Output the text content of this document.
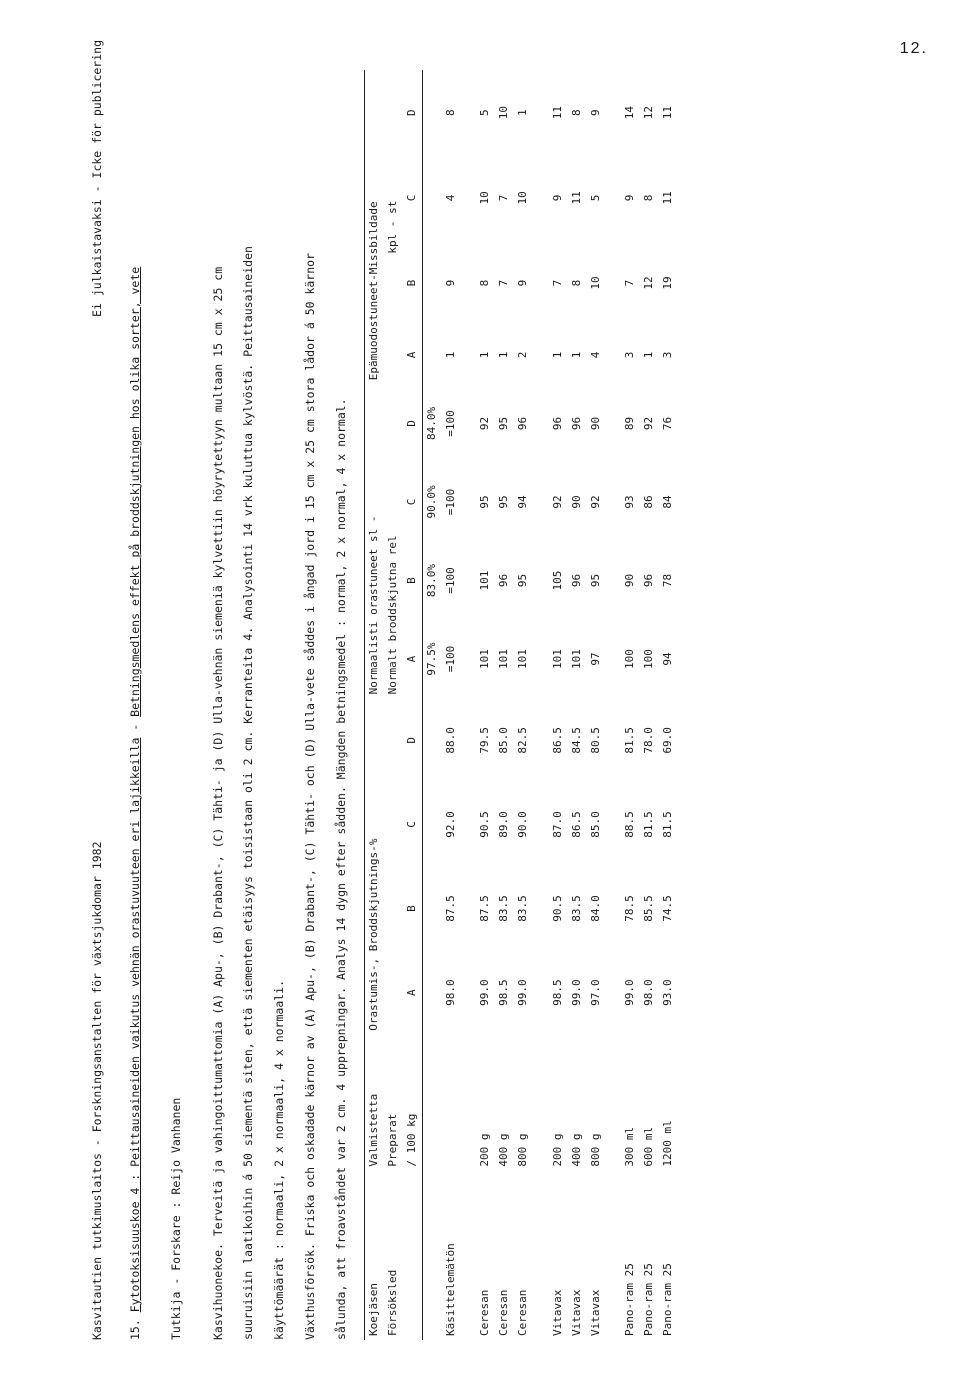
12.
Kasvitautien tutkimuslaitos - Forskningsanstalten för växtsjukdomar 1982
Ei julkaistavaksi - Icke för publicering
15. Fytotoksisuuskoe 4 : Peittausaineiden vaikutus vehnän orastuvuuteen eri lajikkeilla - Betningsmedlens effekt på broddskjutningen hos olika sorter, vete
Tutkija - Forskare : Reijo Vanhanen Kasvihuonekoe. Terveitä ja vahingoittumattomia (A) Apu-, (B) Drabant-, (C) Tähti- ja (D) Ulla-vehnän siemeniä kylvettiin höyrytettyyn multaan 15 cm x 25 cm suuruisiin laatikoihin á 50 siementä siten, että siementen etäisyys toisistaan oli 2 cm. Kerranteita 4. Analysointi 14 vrk kuluttua kylvöstä. Peittausaineiden käyttömäärät : normaali, 2 x normaali, 4 x normaali. Växthusförsök. Friska och oskadade kärnor av (A) Apu-, (B) Drabant-, (C) Tähti- och (D) Ulla-vete såddes i ångad jord i 15 cm x 25 cm stora lådor á 50 kärnor sålunda, att froavståndet var 2 cm. 4 upprepningar. Analys 14 dygn efter sådden. Mängden betningsmedel : normal, 2 x normal, 4 x normal. Koejäsen	Valmistetta	Orastumis-, Broddskjutnings-%				Normaalisti orastuneet sl -				Epämuodostuneet-Missbildade			
Försöksled	Preparat					Normalt broddskjutna rel				kpl - st			
	/ 100 kg	A	B	C	D	A	B	C	D	A	B	C	D
						97.5%	83.0%	90.0%	84.0%				
Käsittelemätön		98.0	87.5	92.0	88.0	=100	=100	=100	=100	1	9	4	8

Ceresan	200 g	99.0	87.5	90.5	79.5	101	101	95	92	1	8	10	5
Ceresan	400 g	98.5	83.5	89.0	85.0	101	96	95	95	1	7	7	10
Ceresan	800 g	99.0	83.5	90.0	82.5	101	95	94	96	2	9	10	1

Vitavax	200 g	98.5	90.5	87.0	86.5	101	105	92	96	1	7	9	11
Vitavax	400 g	99.0	83.5	86.5	84.5	101	96	90	96	1	8	11	8
Vitavax	800 g	97.0	84.0	85.0	80.5	97	95	92	90	4	10	5	9

Pano-ram 25	300 ml	99.0	78.5	88.5	81.5	100	90	93	89	3	7	9	14
Pano-ram 25	600 ml	98.0	85.5	81.5	78.0	100	96	86	92	1	12	8	12
Pano-ram 25	1200 ml	93.0	74.5	81.5	69.0	94	78	84	76	3	19	11	11
